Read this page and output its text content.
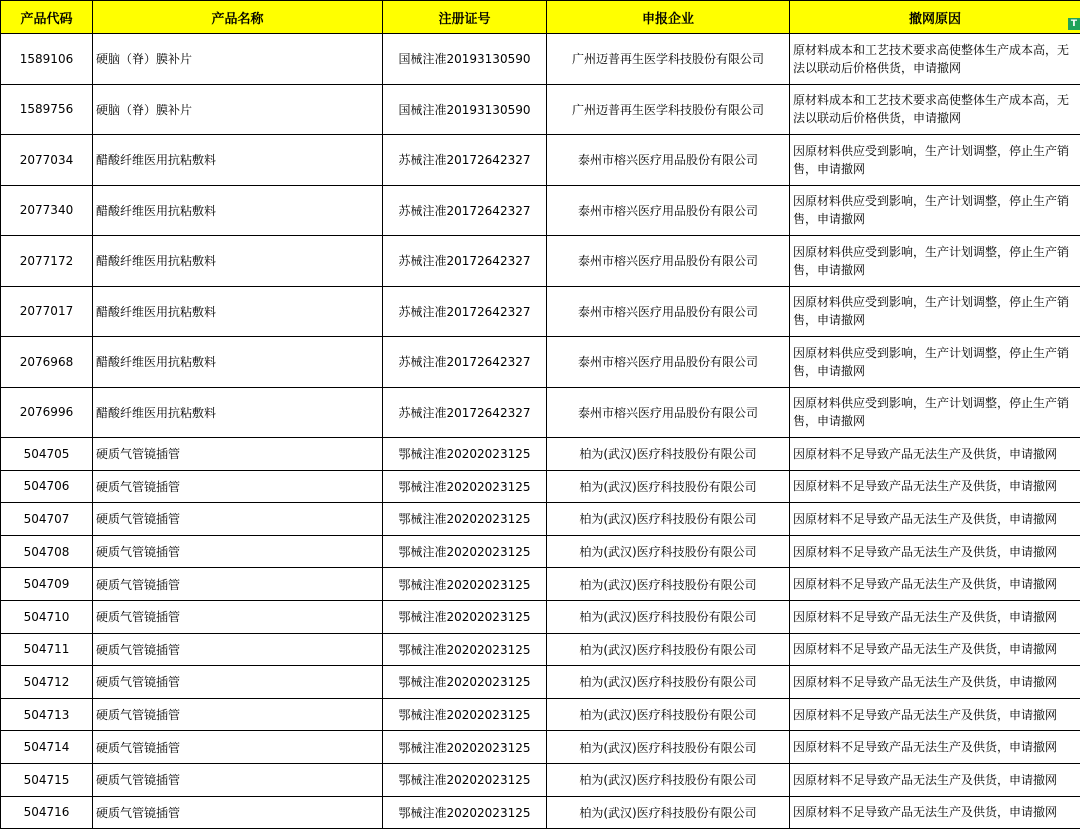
产品代码	产品名称	注册证号	申报企业	撤网原因
1589106	硬脑（脊）膜补片	国械注准20193130590	广州迈普再生医学科技股份有限公司	原材料成本和工艺技术要求高使整体生产成本高，无法以联动后价格供货，申请撤网
1589756	硬脑（脊）膜补片	国械注准20193130590	广州迈普再生医学科技股份有限公司	原材料成本和工艺技术要求高使整体生产成本高，无法以联动后价格供货，申请撤网
2077034	醋酸纤维医用抗粘敷料	苏械注准20172642327	泰州市榕兴医疗用品股份有限公司	因原材料供应受到影响，生产计划调整，停止生产销售，申请撤网
2077340	醋酸纤维医用抗粘敷料	苏械注准20172642327	泰州市榕兴医疗用品股份有限公司	因原材料供应受到影响，生产计划调整，停止生产销售，申请撤网
2077172	醋酸纤维医用抗粘敷料	苏械注准20172642327	泰州市榕兴医疗用品股份有限公司	因原材料供应受到影响，生产计划调整，停止生产销售，申请撤网
2077017	醋酸纤维医用抗粘敷料	苏械注准20172642327	泰州市榕兴医疗用品股份有限公司	因原材料供应受到影响，生产计划调整，停止生产销售，申请撤网
2076968	醋酸纤维医用抗粘敷料	苏械注准20172642327	泰州市榕兴医疗用品股份有限公司	因原材料供应受到影响，生产计划调整，停止生产销售，申请撤网
2076996	醋酸纤维医用抗粘敷料	苏械注准20172642327	泰州市榕兴医疗用品股份有限公司	因原材料供应受到影响，生产计划调整，停止生产销售，申请撤网
504705	硬质气管镜插管	鄂械注准20202023125	柏为(武汉)医疗科技股份有限公司	因原材料不足导致产品无法生产及供货，申请撤网
504706	硬质气管镜插管	鄂械注准20202023125	柏为(武汉)医疗科技股份有限公司	因原材料不足导致产品无法生产及供货，申请撤网
504707	硬质气管镜插管	鄂械注准20202023125	柏为(武汉)医疗科技股份有限公司	因原材料不足导致产品无法生产及供货，申请撤网
504708	硬质气管镜插管	鄂械注准20202023125	柏为(武汉)医疗科技股份有限公司	因原材料不足导致产品无法生产及供货，申请撤网
504709	硬质气管镜插管	鄂械注准20202023125	柏为(武汉)医疗科技股份有限公司	因原材料不足导致产品无法生产及供货，申请撤网
504710	硬质气管镜插管	鄂械注准20202023125	柏为(武汉)医疗科技股份有限公司	因原材料不足导致产品无法生产及供货，申请撤网
504711	硬质气管镜插管	鄂械注准20202023125	柏为(武汉)医疗科技股份有限公司	因原材料不足导致产品无法生产及供货，申请撤网
504712	硬质气管镜插管	鄂械注准20202023125	柏为(武汉)医疗科技股份有限公司	因原材料不足导致产品无法生产及供货，申请撤网
504713	硬质气管镜插管	鄂械注准20202023125	柏为(武汉)医疗科技股份有限公司	因原材料不足导致产品无法生产及供货，申请撤网
504714	硬质气管镜插管	鄂械注准20202023125	柏为(武汉)医疗科技股份有限公司	因原材料不足导致产品无法生产及供货，申请撤网
504715	硬质气管镜插管	鄂械注准20202023125	柏为(武汉)医疗科技股份有限公司	因原材料不足导致产品无法生产及供货，申请撤网
504716	硬质气管镜插管	鄂械注准20202023125	柏为(武汉)医疗科技股份有限公司	因原材料不足导致产品无法生产及供货，申请撤网
T
